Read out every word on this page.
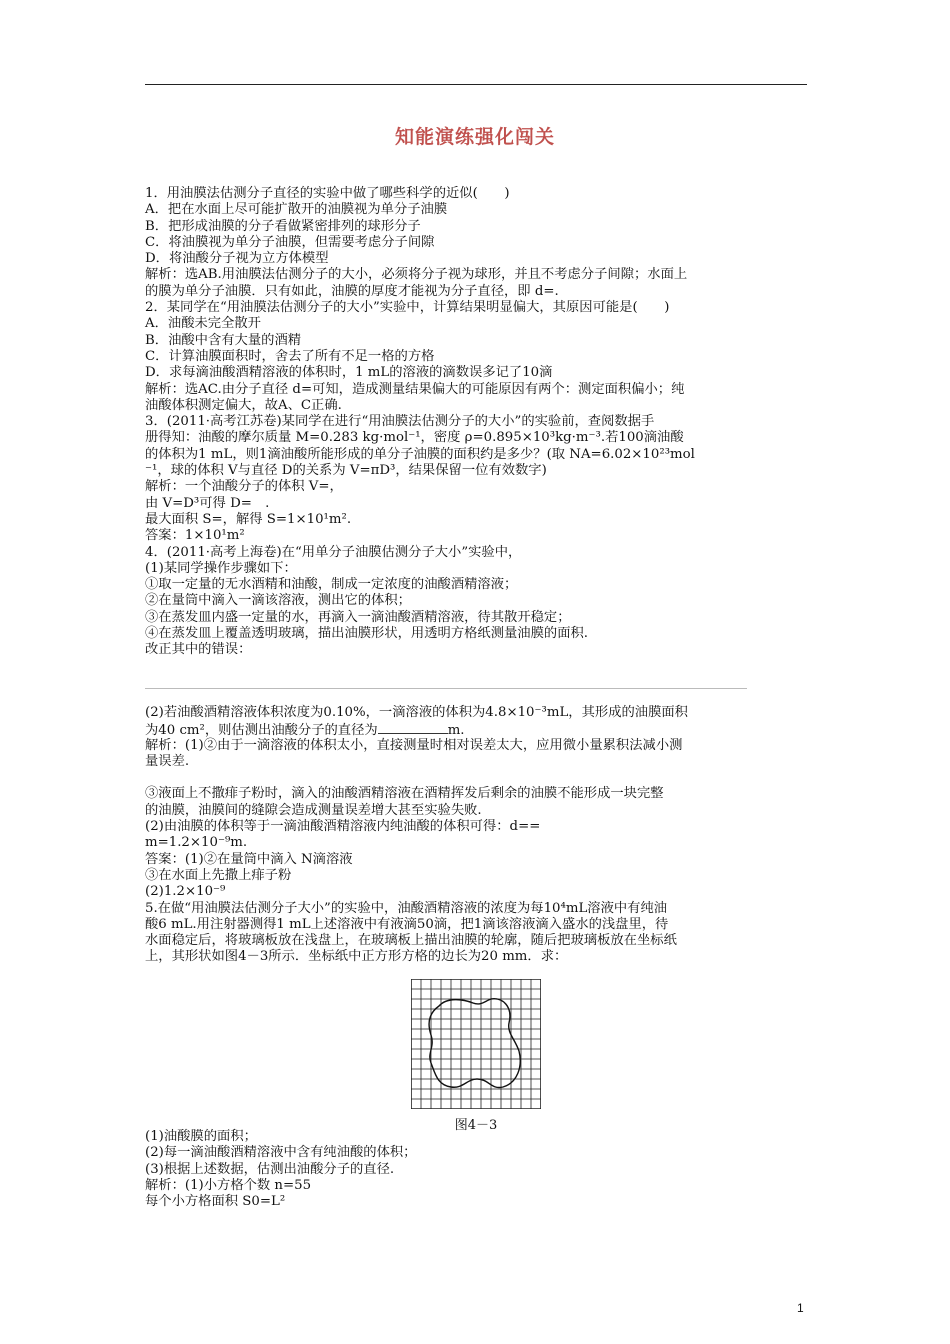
知能演练强化闯关
1．用油膜法估测分子直径的实验中做了哪些科学的近似(　　)
A．把在水面上尽可能扩散开的油膜视为单分子油膜
B．把形成油膜的分子看做紧密排列的球形分子
C．将油膜视为单分子油膜，但需要考虑分子间隙
D．将油酸分子视为立方体模型
解析：选AB.用油膜法估测分子的大小，必须将分子视为球形，并且不考虑分子间隙；水面上
的膜为单分子油膜．只有如此，油膜的厚度才能视为分子直径，即 d=.
2．某同学在“用油膜法估测分子的大小”实验中，计算结果明显偏大，其原因可能是(　　)
A．油酸未完全散开
B．油酸中含有大量的酒精
C．计算油膜面积时，舍去了所有不足一格的方格
D．求每滴油酸酒精溶液的体积时，1 mL的溶液的滴数误多记了10滴
解析：选AC.由分子直径 d=可知，造成测量结果偏大的可能原因有两个：测定面积偏小；纯
油酸体积测定偏大，故A、C正确.
3．(2011·高考江苏卷)某同学在进行“用油膜法估测分子的大小”的实验前，查阅数据手
册得知：油酸的摩尔质量 M=0.283 kg·mol⁻¹，密度 ρ=0.895×10³kg·m⁻³.若100滴油酸
的体积为1 mL，则1滴油酸所能形成的单分子油膜的面积约是多少？(取 NA=6.02×10²³mol
⁻¹，球的体积 V与直径 D的关系为 V=πD³，结果保留一位有效数字)
解析：一个油酸分子的体积 V=，
由 V=D³可得 D=　.
最大面积 S=，解得 S=1×10¹m².
答案：1×10¹m²
4．(2011·高考上海卷)在“用单分子油膜估测分子大小”实验中，
(1)某同学操作步骤如下：
①取一定量的无水酒精和油酸，制成一定浓度的油酸酒精溶液；
②在量筒中滴入一滴该溶液，测出它的体积；
③在蒸发皿内盛一定量的水，再滴入一滴油酸酒精溶液，待其散开稳定；
④在蒸发皿上覆盖透明玻璃，描出油膜形状，用透明方格纸测量油膜的面积.
改正其中的错误：
(2)若油酸酒精溶液体积浓度为0.10%，一滴溶液的体积为4.8×10⁻³mL，其形成的油膜面积
为40 cm²，则估测出油酸分子的直径为	m.
解析：(1)②由于一滴溶液的体积太小，直接测量时相对误差太大，应用微小量累积法减小测
量误差.
③液面上不撒痱子粉时，滴入的油酸酒精溶液在酒精挥发后剩余的油膜不能形成一块完整
的油膜，油膜间的缝隙会造成测量误差增大甚至实验失败.
(2)由油膜的体积等于一滴油酸酒精溶液内纯油酸的体积可得：d==
m=1.2×10⁻⁹m.
答案：(1)②在量筒中滴入 N滴溶液
③在水面上先撒上痱子粉
(2)1.2×10⁻⁹
5.在做“用油膜法估测分子大小”的实验中，油酸酒精溶液的浓度为每10⁴mL溶液中有纯油
酸6 mL.用注射器测得1 mL上述溶液中有液滴50滴，把1滴该溶液滴入盛水的浅盘里，待
水面稳定后，将玻璃板放在浅盘上，在玻璃板上描出油膜的轮廓，随后把玻璃板放在坐标纸
上，其形状如图4－3所示．坐标纸中正方形方格的边长为20 mm．求：
图4－3
(1)油酸膜的面积；
(2)每一滴油酸酒精溶液中含有纯油酸的体积；
(3)根据上述数据，估测出油酸分子的直径.
解析：(1)小方格个数 n=55
每个小方格面积 S0=L²
1
